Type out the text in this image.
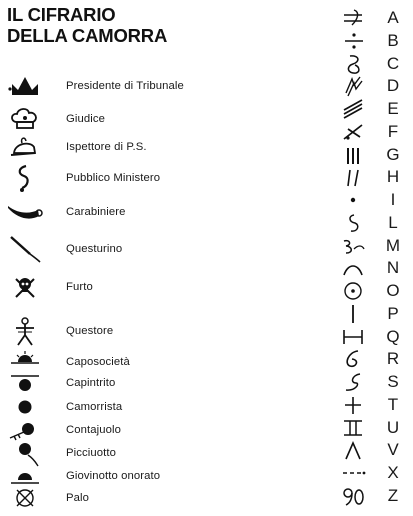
IL CIFRARIO
DELLA CAMORRA
Presidente di Tribunale
Giudice
Ispettore di P.S.
Pubblico Ministero
Carabiniere
Questurino
Furto
Questore
Caposocietà
Capintrito
Camorrista
Contajuolo
Picciuotto
Giovinotto onorato
Palo
A
B
C
D
E
F
G
H
I
L
M
N
O
P
Q
R
S
T
U
V
X
Z
